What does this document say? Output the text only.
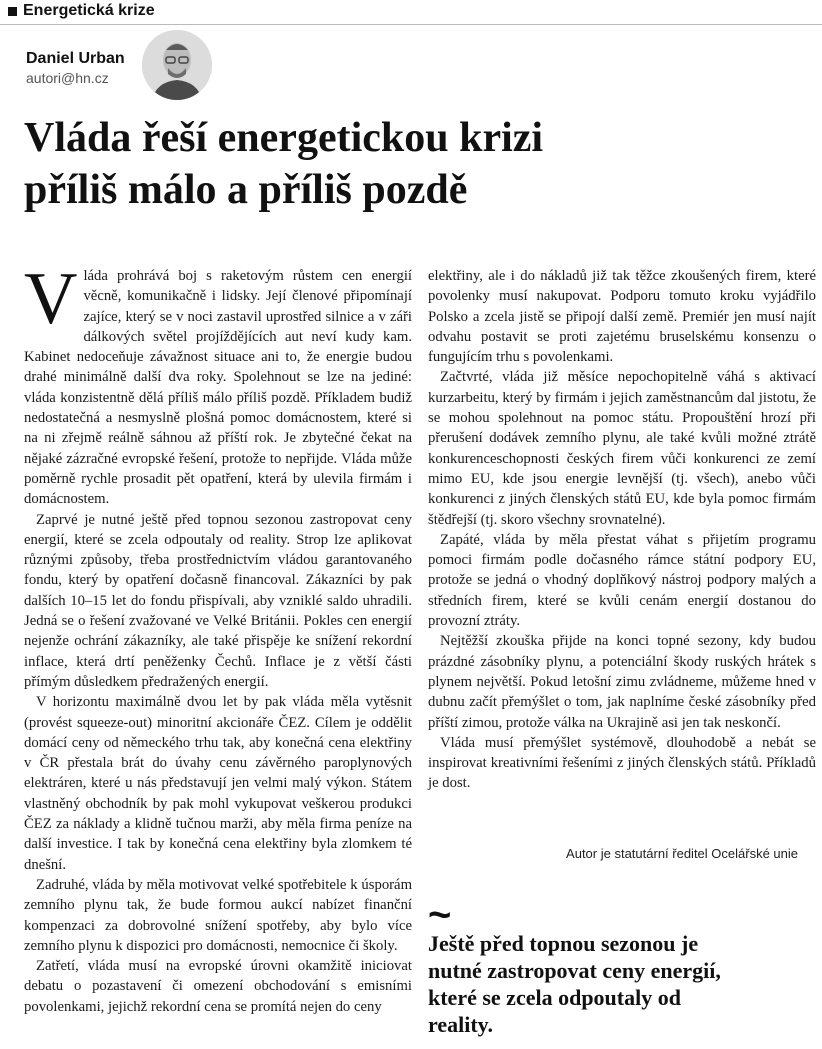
Energetická krize
Daniel Urban
autori@hn.cz
Vláda řeší energetickou krizi
příliš málo a příliš pozdě

Vláda prohrává boj s raketovým růstem cen energií věcně, komunikačně i lidsky. Její členové připomínají zajíce, který se v noci zastavil uprostřed silnice a v záři dálkových světel projíždějících aut neví kudy kam. Kabinet nedoceňuje závažnost situace ani to, že energie budou drahé minimálně další dva roky. Spolehnout se lze na jediné: vláda konzistentně dělá příliš málo příliš pozdě. Příkladem budiž nedostatečná a nesmyslně plošná pomoc domácnostem, které si na ni zřejmě reálně sáhnou až příští rok. Je zbytečné čekat na nějaké zázračné evropské řešení, protože to nepřijde. Vláda může poměrně rychle prosadit pět opatření, která by ulevila firmám i domácnostem.

Zaprvé je nutné ještě před topnou sezonou zastropovat ceny energií, které se zcela odpoutaly od reality. Strop lze aplikovat různými způsoby, třeba prostřednictvím vládou garantovaného fondu, který by opatření dočasně financoval. Zákazníci by pak dalších 10–15 let do fondu přispívali, aby vzniklé saldo uhradili. Jedná se o řešení zvažované ve Velké Británii. Pokles cen energií nejenže ochrání zákazníky, ale také přispěje ke snížení rekordní inflace, která drtí peněženky Čechů. Inflace je z větší části přímým důsledkem předražených energií.

V horizontu maximálně dvou let by pak vláda měla vytěsnit (provést squeeze-out) minoritní akcionáře ČEZ. Cílem je oddělit domácí ceny od německého trhu tak, aby konečná cena elektřiny v ČR přestala brát do úvahy cenu závěrného paroplynových elektráren, které u nás představují jen velmi malý výkon. Státem vlastněný obchodník by pak mohl vykupovat veškerou produkci ČEZ za náklady a klidně tučnou marži, aby měla firma peníze na další investice. I tak by konečná cena elektřiny byla zlomkem té dnešní.

Zadruhé, vláda by měla motivovat velké spotřebitele k úsporám zemního plynu tak, že bude formou aukcí nabízet finanční kompenzaci za dobrovolné snížení spotřeby, aby bylo více zemního plynu k dispozici pro domácnosti, nemocnice či školy.

Zatřetí, vláda musí na evropské úrovni okamžitě iniciovat debatu o pozastavení či omezení obchodování s emisními povolenkami, jejichž rekordní cena se promítá nejen do ceny

elektřiny, ale i do nákladů již tak těžce zkoušených firem, které povolenky musí nakupovat. Podporu tomuto kroku vyjádřilo Polsko a zcela jistě se připojí další země. Premiér jen musí najít odvahu postavit se proti zajetému bruselskému konsenzu o fungujícím trhu s povolenkami.

Začtvrté, vláda již měsíce nepochopitelně váhá s aktivací kurzarbeitu, který by firmám i jejich zaměstnancům dal jistotu, že se mohou spolehnout na pomoc státu. Propouštění hrozí při přerušení dodávek zemního plynu, ale také kvůli možné ztrátě konkurenceschopnosti českých firem vůči konkurenci ze zemí mimo EU, kde jsou energie levnější (tj. všech), anebo vůči konkurenci z jiných členských států EU, kde byla pomoc firmám štědřejší (tj. skoro všechny srovnatelné).

Zapáté, vláda by měla přestat váhat s přijetím programu pomoci firmám podle dočasného rámce státní podpory EU, protože se jedná o vhodný doplňkový nástroj podpory malých a středních firem, které se kvůli cenám energií dostanou do provozní ztráty.

Nejtěžší zkouška přijde na konci topné sezony, kdy budou prázdné zásobníky plynu, a potenciální škody ruských hrátek s plynem největší. Pokud letošní zimu zvládneme, můžeme hned v dubnu začít přemýšlet o tom, jak naplníme české zásobníky před příští zimou, protože válka na Ukrajině asi jen tak neskončí.

Vláda musí přemýšlet systémově, dlouhodobě a nebát se inspirovat kreativními řešeními z jiných členských států. Příkladů je dost.

Autor je statutární ředitel Ocelářské unie
~
Ještě před topnou sezonou je nutné zastropovat ceny energií, které se zcela odpoutaly od reality.
